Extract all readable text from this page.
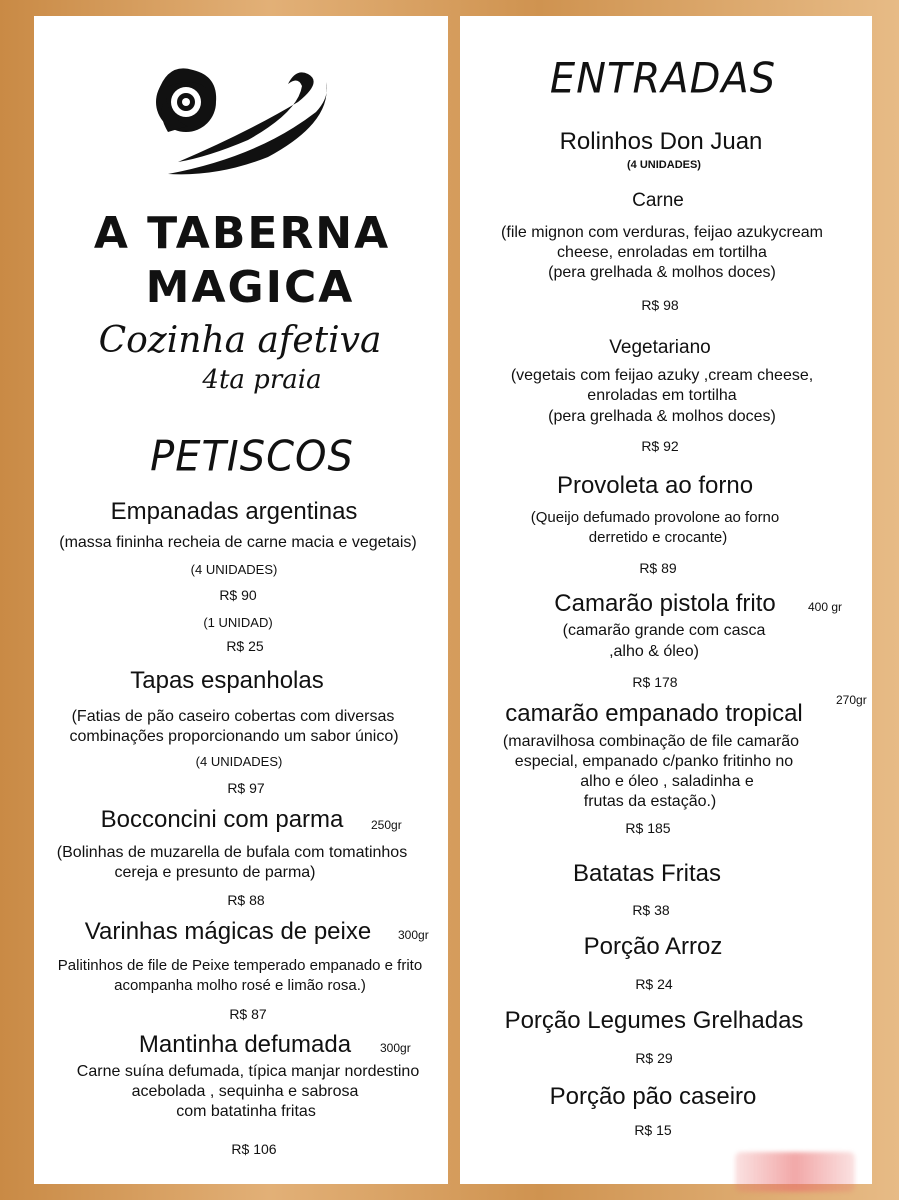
A TABERNA
MAGICA
Cozinha afetiva
4ta praia
PETISCOS
Empanadas argentinas
(massa fininha recheia de carne macia e vegetais)
(4 UNIDADES)
R$ 90
(1 UNIDAD)
R$ 25
Tapas espanholas
(Fatias de pão caseiro cobertas com diversas
combinações proporcionando um sabor único)
(4 UNIDADES)
R$ 97
Bocconcini com parma 250gr
(Bolinhas de muzarella de bufala com tomatinhos
cereja e presunto de parma)
R$ 88
Varinhas mágicas de peixe 300gr
Palitinhos de file de Peixe temperado empanado e frito
acompanha molho rosé e limão rosa.)
R$ 87
Mantinha defumada 300gr
Carne suína defumada, típica manjar nordestino
acebolada , sequinha e sabrosa
com batatinha fritas
R$ 106
ENTRADAS
Rolinhos Don Juan
(4 UNIDADES)
Carne
(file mignon com verduras, feijao azukycream
cheese, enroladas em tortilha
(pera grelhada & molhos doces)
R$ 98
Vegetariano
(vegetais com feijao azuky ,cream cheese,
enroladas em tortilha
(pera grelhada & molhos doces)
R$ 92
Provoleta ao forno
(Queijo defumado provolone ao forno
derretido e crocante)
R$ 89
Camarão pistola frito	400 gr
(camarão grande com casca
,alho & óleo)
R$ 178
270gr
camarão empanado tropical
(maravilhosa combinação de file camarão
especial, empanado c/panko fritinho no
alho e óleo , saladinha e
frutas da estação.)
R$ 185
Batatas Fritas
R$ 38
Porção Arroz
R$ 24
Porção Legumes Grelhadas
R$ 29
Porção pão caseiro
R$ 15
